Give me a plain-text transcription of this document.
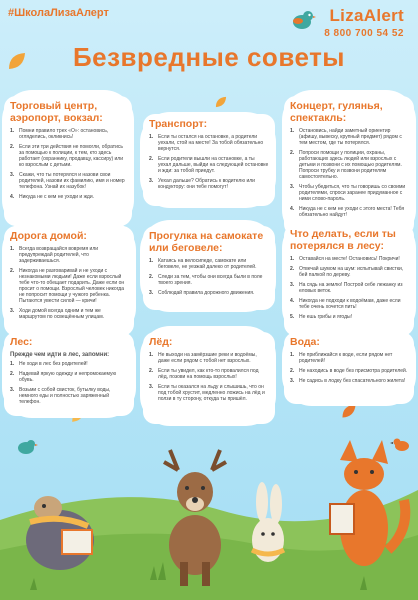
#ШколаЛизаАлерт	LizaAlert
8 800 700 54 52
Безвредные советы
Торговый центр, аэропорт, вокзал:
1. Помни правило трех «О»: остановись, огляделись, окликнись!
2. Если эти три действия не помогли, обратись за помощью к полиции, к тем, кто здесь работает (охраннику, продавцу, кассиру) или ко взрослым с детьми.
3. Скажи, что ты потерялся и назови свои родителей, назови их фамилию, имя и номер телефона. Узнай их назубок!
4. Никуда не с кем не уходи и жди.
Транспорт:
1. Если ты остался на остановке, а родители уехали, стой на месте! За тобой обязательно вернутся.
2. Если родители вышли на остановке, а ты уехал дальше, выйди на следующей остановке и жди: за тобой приедут.
3. Уехал дальше? Обратись к водителю или кондуктору: они тебе помогут!
Концерт, гулянья, спектакль:
1. Остановись, найди заметный ориентир (афишу, вывеску, крупный предмет) рядом с тем местом, где ты потерялся.
2. Попроси помощи у полиции, охраны, работающих здесь людей или взрослых с детьми и позвони с их помощью родителям. Попроси трубку и позвони родителям самостоятельно.
3. Чтобы убедиться, что ты говоришь со своими родителями, спроси заранее придуманное с ними слово-пароль.
4. Никуда не с кем не уходи с этого места! Тебя обязательно найдут!
Дорога домой:
1. Всегда возвращайся вовремя или предупреждай родителей, что задерживаешься.
2. Никогда не разговаривай и не уходи с незнакомыми людьми! Даже если взрослый тебе что-то обещает подарить. Даже если он просит о помощи. Взрослый человек никогда не попросит помощи у чужого ребенка. Пытаются увести силой — кричи!
3. Ходи домой всегда одним и тем же маршрутом по освещённым улицам.
Прогулка на самокате или беговеле:
1. Катаясь на велосипеде, самокате или беговеле, не уезжай далеко от родителей.
2. Следи за тем, чтобы они всегда были в поле твоего зрения.
3. Соблюдай правила дорожного движения.
Что делать, если ты потерялся в лесу:
1. Оставайся на месте! Остановись! Покричи!
2. Отвечай шумом на шум: испытывай свистки, бей палкой по дереву.
3. На сядь на землю! Построй себе лежанку из еловых веток.
4. Никогда не подходи к водоёмам, даже если тебе очень хочется пить!
5. Не ешь грибы и ягоды!
Лес:
Прежде чем идти в лес, запомни:
1. Не ходи в лес без родителей!
2. Надевай яркую одежду и непромокаемую обувь.
3. Возьми с собой свисток, бутылку воды, немного еды и полностью заряженный телефон.
Лёд:
1. Не выходи на замёрзшие реки и водоёмы, даже если рядом с тобой нет взрослых.
2. Если ты увидел, как кто-то провалился под лёд, позови на помощь взрослых!
3. Если ты оказался на льду и слышишь, что он под тобой хрустит, медленно ложись на лёд и ползи в ту сторону, откуда ты пришёл.
Вода:
1. Не приближайся к воде, если рядом нет родителей!
2. Не находись в воде без присмотра родителей.
3. Не садись в лодку без спасательного жилета!
